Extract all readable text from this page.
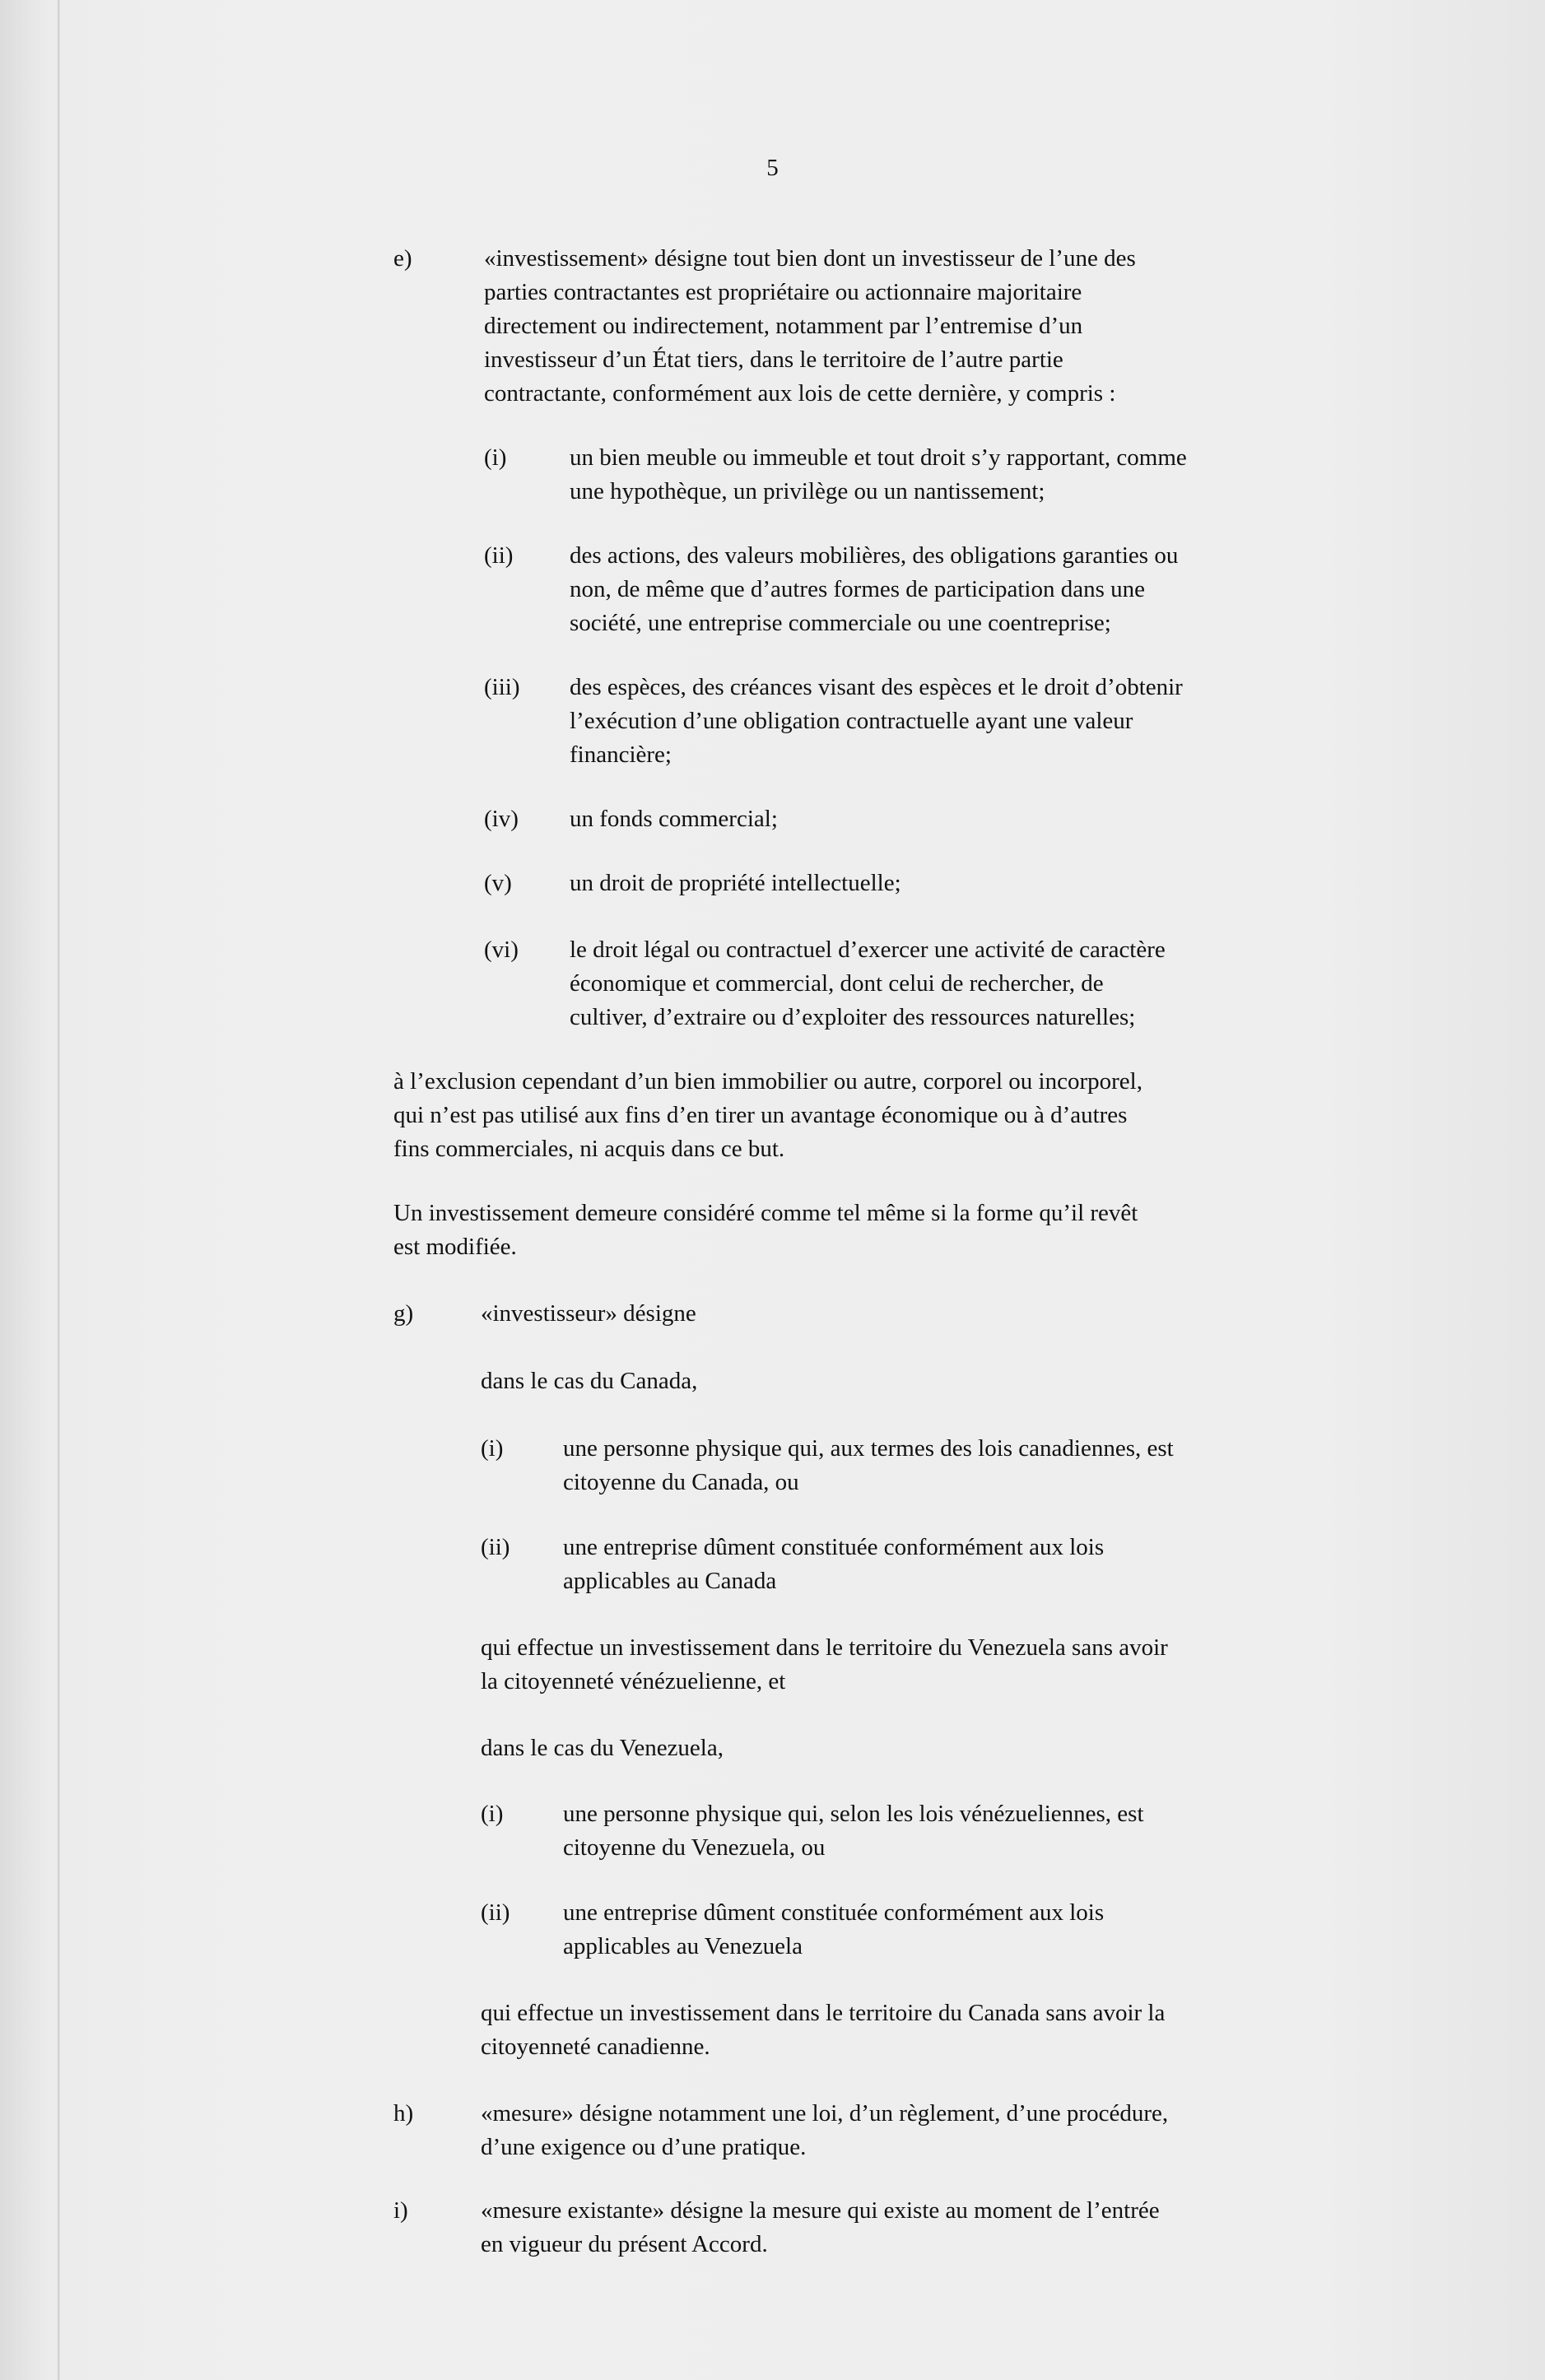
5
e)	«investissement» désigne tout bien dont un investisseur de l’une des
parties contractantes est propriétaire ou actionnaire majoritaire
directement ou indirectement, notamment par l’entremise d’un
investisseur d’un État tiers, dans le territoire de l’autre partie
contractante, conformément aux lois de cette dernière, y compris :
(i)	un bien meuble ou immeuble et tout droit s’y rapportant, comme
une hypothèque, un privilège ou un nantissement;
(ii) des actions, des valeurs mobilières, des obligations garanties ou
non, de même que d’autres formes de participation dans une
société, une entreprise commerciale ou une coentreprise;
(iii) des espèces, des créances visant des espèces et le droit d’obtenir
l’exécution d’une obligation contractuelle ayant une valeur
financière;
(iv) un fonds commercial;
(v) un droit de propriété intellectuelle;
(vi) le droit légal ou contractuel d’exercer une activité de caractère
économique et commercial, dont celui de rechercher, de
cultiver, d’extraire ou d’exploiter des ressources naturelles;
à l’exclusion cependant d’un bien immobilier ou autre, corporel ou incorporel,
qui n’est pas utilisé aux fins d’en tirer un avantage économique ou à d’autres
fins commerciales, ni acquis dans ce but.
Un investissement demeure considéré comme tel même si la forme qu’il revêt
est modifiée.
g)	«investisseur» désigne
dans le cas du Canada,
(i)	une personne physique qui, aux termes des lois canadiennes, est
citoyenne du Canada, ou
(ii) une entreprise dûment constituée conformément aux lois
applicables au Canada
qui effectue un investissement dans le territoire du Venezuela sans avoir
la citoyenneté vénézuelienne, et
dans le cas du Venezuela,
(i)	une personne physique qui, selon les lois vénézueliennes, est
citoyenne du Venezuela, ou
(ii) une entreprise dûment constituée conformément aux lois
applicables au Venezuela
qui effectue un investissement dans le territoire du Canada sans avoir la
citoyenneté canadienne.
h)	«mesure» désigne notamment une loi, d’un règlement, d’une procédure,
d’une exigence ou d’une pratique.
i)	«mesure existante» désigne la mesure qui existe au moment de l’entrée
en vigueur du présent Accord.
